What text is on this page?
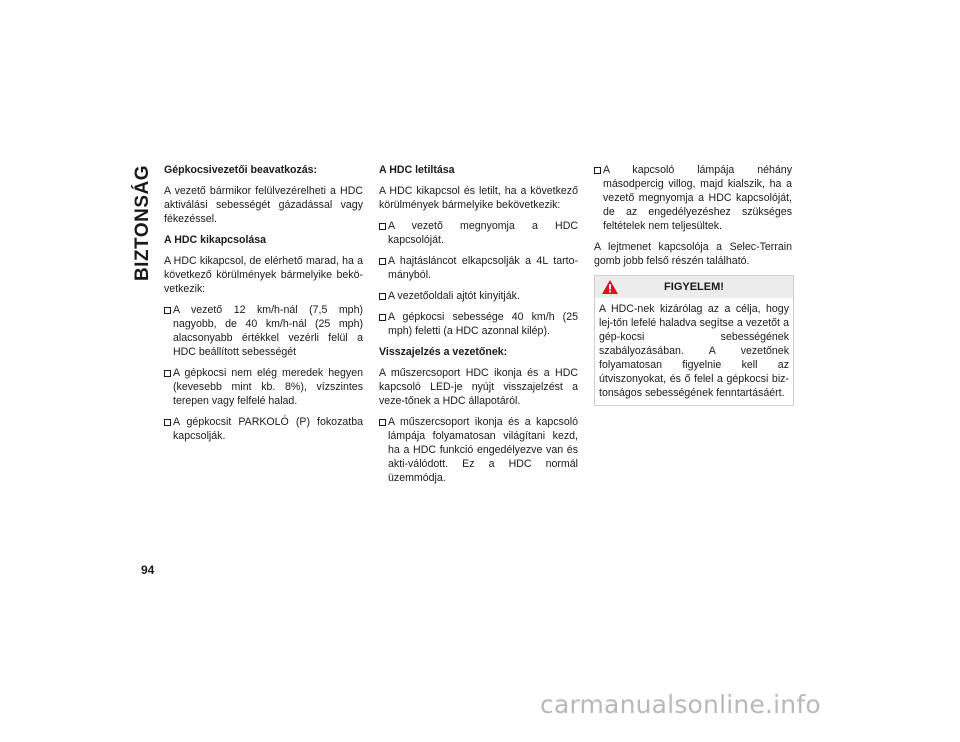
BIZTONSÁG
94
Gépkocsivezetői beavatkozás:

A vezető bármikor felülvezérelheti a HDC aktiválási sebességét gázadással vagy fékezéssel.

A HDC kikapcsolása

A HDC kikapcsol, de elérhető marad, ha a következő körülmények bármelyike bekö-vetkezik:

A vezető 12 km/h-nál (7,5 mph) nagyobb, de 40 km/h-nál (25 mph) alacsonyabb értékkel vezérli felül a HDC beállított sebességét
A gépkocsi nem elég meredek hegyen (kevesebb mint kb. 8%), vízszintes terepen vagy felfelé halad.
A gépkocsit PARKOLÓ (P) fokozatba kapcsolják.
A HDC letiltása

A HDC kikapcsol és letilt, ha a következő körülmények bármelyike bekövetkezik:

A vezető megnyomja a HDC kapcsolóját.
A hajtásláncot elkapcsolják a 4L tarto-mányból.
A vezetőoldali ajtót kinyitják.
A gépkocsi sebessége 40 km/h (25 mph) feletti (a HDC azonnal kilép).
Visszajelzés a vezetőnek:

A műszercsoport HDC ikonja és a HDC kapcsoló LED-je nyújt visszajelzést a veze-tőnek a HDC állapotáról.

A műszercsoport ikonja és a kapcsoló lámpája folyamatosan világítani kezd, ha a HDC funkció engedélyezve van és akti-válódott. Ez a HDC normál üzemmódja.
A kapcsoló lámpája néhány másodpercig villog, majd kialszik, ha a vezető megnyomja a HDC kapcsolóját, de az engedélyezéshez szükséges feltételek nem teljesültek.

A lejtmenet kapcsolója a Selec-Terrain gomb jobb felső részén található.

FIGYELEM!
A HDC-nek kizárólag az a célja, hogy lej-tőn lefelé haladva segítse a vezetőt a gép-kocsi sebességének szabályozásában. A vezetőnek folyamatosan figyelnie kell az útviszonyokat, és ő felel a gépkocsi biz-tonságos sebességének fenntartásáért.
carmanualsonline.info
